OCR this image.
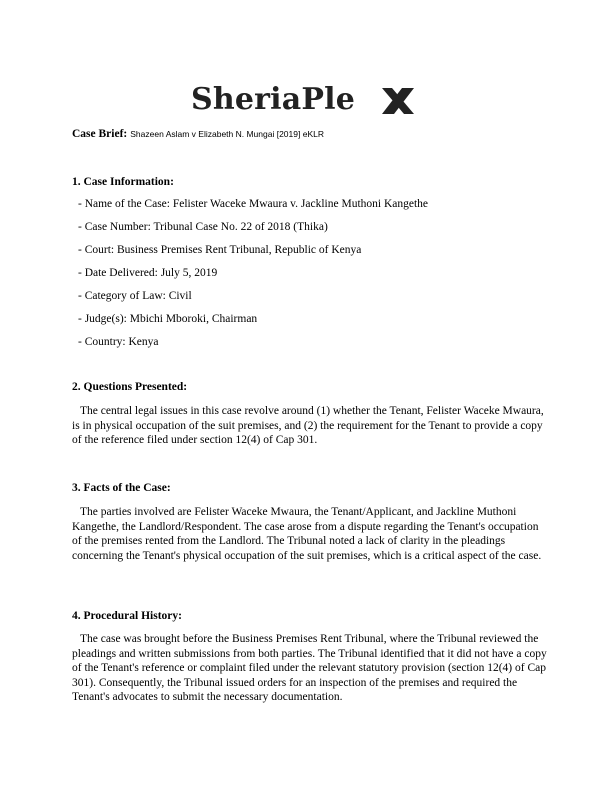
SheriaPle
Case Brief: Shazeen Aslam v Elizabeth N. Mungai [2019] eKLR
1. Case Information:
- Name of the Case: Felister Waceke Mwaura v. Jackline Muthoni Kangethe
- Case Number: Tribunal Case No. 22 of 2018 (Thika)
- Court: Business Premises Rent Tribunal, Republic of Kenya
- Date Delivered: July 5, 2019
- Category of Law: Civil
- Judge(s): Mbichi Mboroki, Chairman
- Country: Kenya
2. Questions Presented:
The central legal issues in this case revolve around (1) whether the Tenant, Felister Waceke Mwaura, is in physical occupation of the suit premises, and (2) the requirement for the Tenant to provide a copy of the reference filed under section 12(4) of Cap 301.
3. Facts of the Case:
The parties involved are Felister Waceke Mwaura, the Tenant/Applicant, and Jackline Muthoni Kangethe, the Landlord/Respondent. The case arose from a dispute regarding the Tenant's occupation of the premises rented from the Landlord. The Tribunal noted a lack of clarity in the pleadings concerning the Tenant's physical occupation of the suit premises, which is a critical aspect of the case.
4. Procedural History:
The case was brought before the Business Premises Rent Tribunal, where the Tribunal reviewed the pleadings and written submissions from both parties. The Tribunal identified that it did not have a copy of the Tenant's reference or complaint filed under the relevant statutory provision (section 12(4) of Cap 301). Consequently, the Tribunal issued orders for an inspection of the premises and required the Tenant's advocates to submit the necessary documentation.
